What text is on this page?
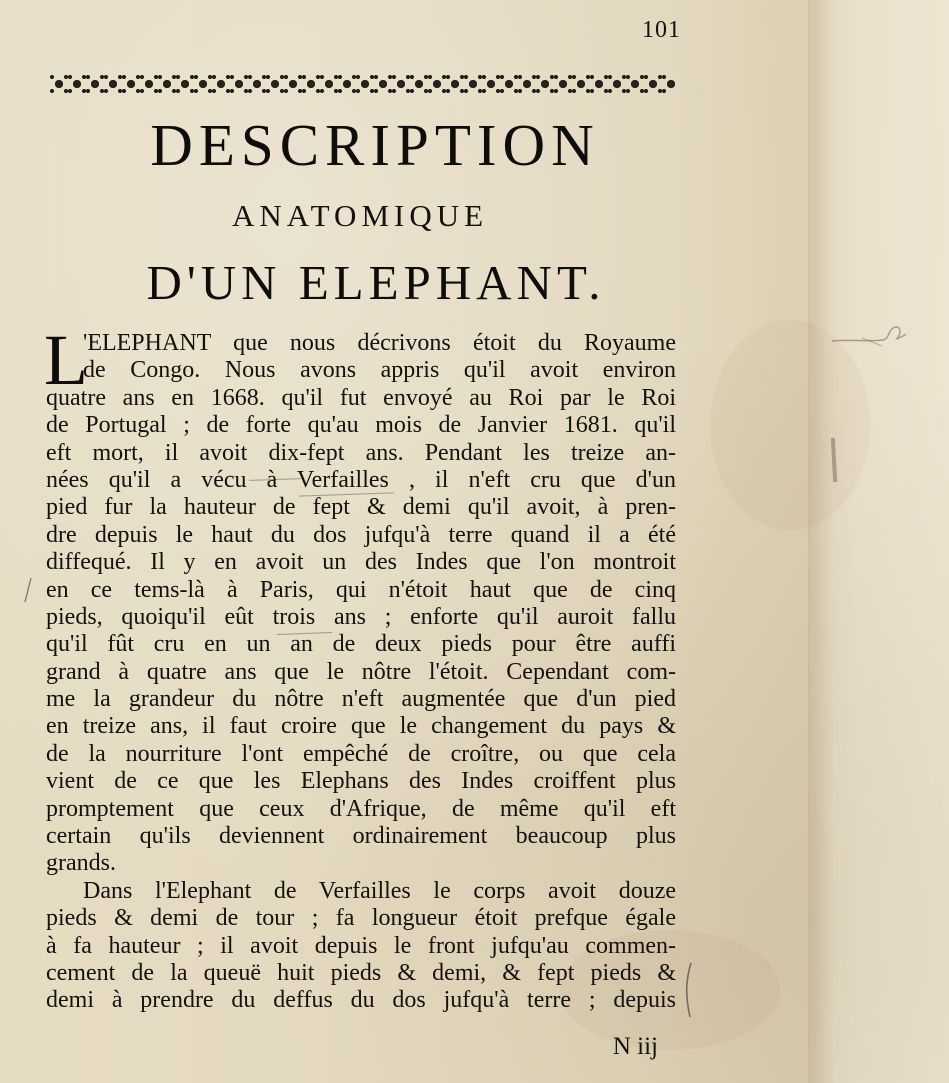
101
DESCRIPTION
ANATOMIQUE
D'UN ELEPHANT.
L
'ELEPHANT que nous décrivons étoit du Royaume
de Congo. Nous avons appris qu'il avoit environ
quatre ans en 1668. qu'il fut envoyé au Roi par le Roi
de Portugal ; de forte qu'au mois de Janvier 1681. qu'il
eft mort, il avoit dix-fept ans. Pendant les treize an-
nées qu'il a vécu à Verfailles , il n'eft cru que d'un
pied fur la hauteur de fept & demi qu'il avoit, à pren-
dre depuis le haut du dos jufqu'à terre quand il a été
diffequé. Il y en avoit un des Indes que l'on montroit
en ce tems-là à Paris, qui n'étoit haut que de cinq
pieds, quoiqu'il eût trois ans ; enforte qu'il auroit fallu
qu'il fût cru en un an de deux pieds pour être auffi
grand à quatre ans que le nôtre l'étoit. Cependant com-
me la grandeur du nôtre n'eft augmentée que d'un pied
en treize ans, il faut croire que le changement du pays &
de la nourriture l'ont empêché de croître, ou que cela
vient de ce que les Elephans des Indes croiffent plus
promptement que ceux d'Afrique, de même qu'il eft
certain qu'ils deviennent ordinairement beaucoup plus
grands.
Dans l'Elephant de Verfailles le corps avoit douze
pieds & demi de tour ; fa longueur étoit prefque égale
à fa hauteur ; il avoit depuis le front jufqu'au commen-
cement de la queuë huit pieds & demi, & fept pieds &
demi à prendre du deffus du dos jufqu'à terre ; depuis
N iij
